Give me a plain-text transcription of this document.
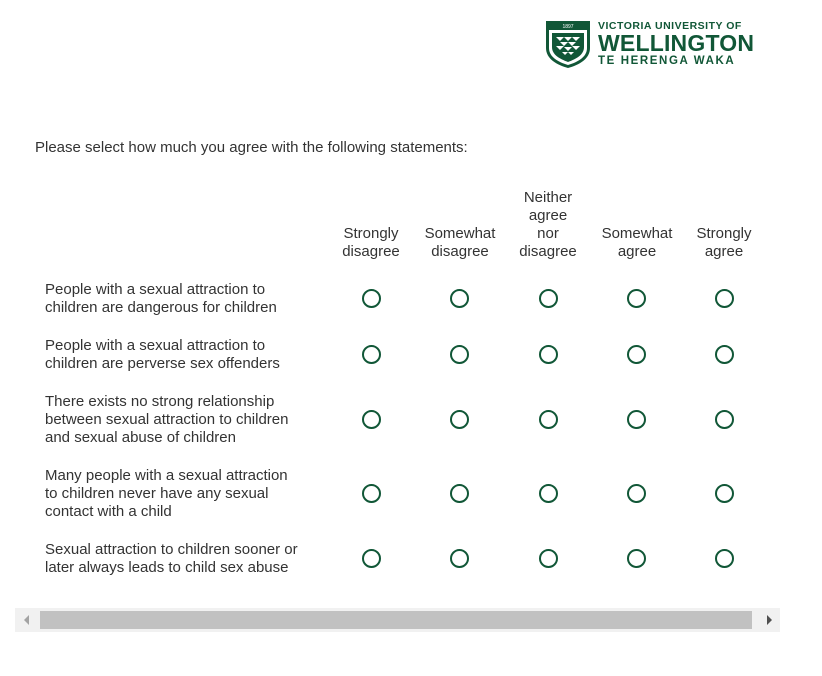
1897 VICTORIA UNIVERSITY OF
WELLINGTON
TE HERENGA WAKA
Please select how much you agree with the following statements:
Strongly
disagree
Somewhat
disagree
Neither
agree
nor
disagree
Somewhat
agree
Strongly
agree
People with a sexual attraction to
children are dangerous for children
People with a sexual attraction to
children are perverse sex offenders
There exists no strong relationship
between sexual attraction to children
and sexual abuse of children
Many people with a sexual attraction
to children never have any sexual
contact with a child
Sexual attraction to children sooner or
later always leads to child sex abuse
